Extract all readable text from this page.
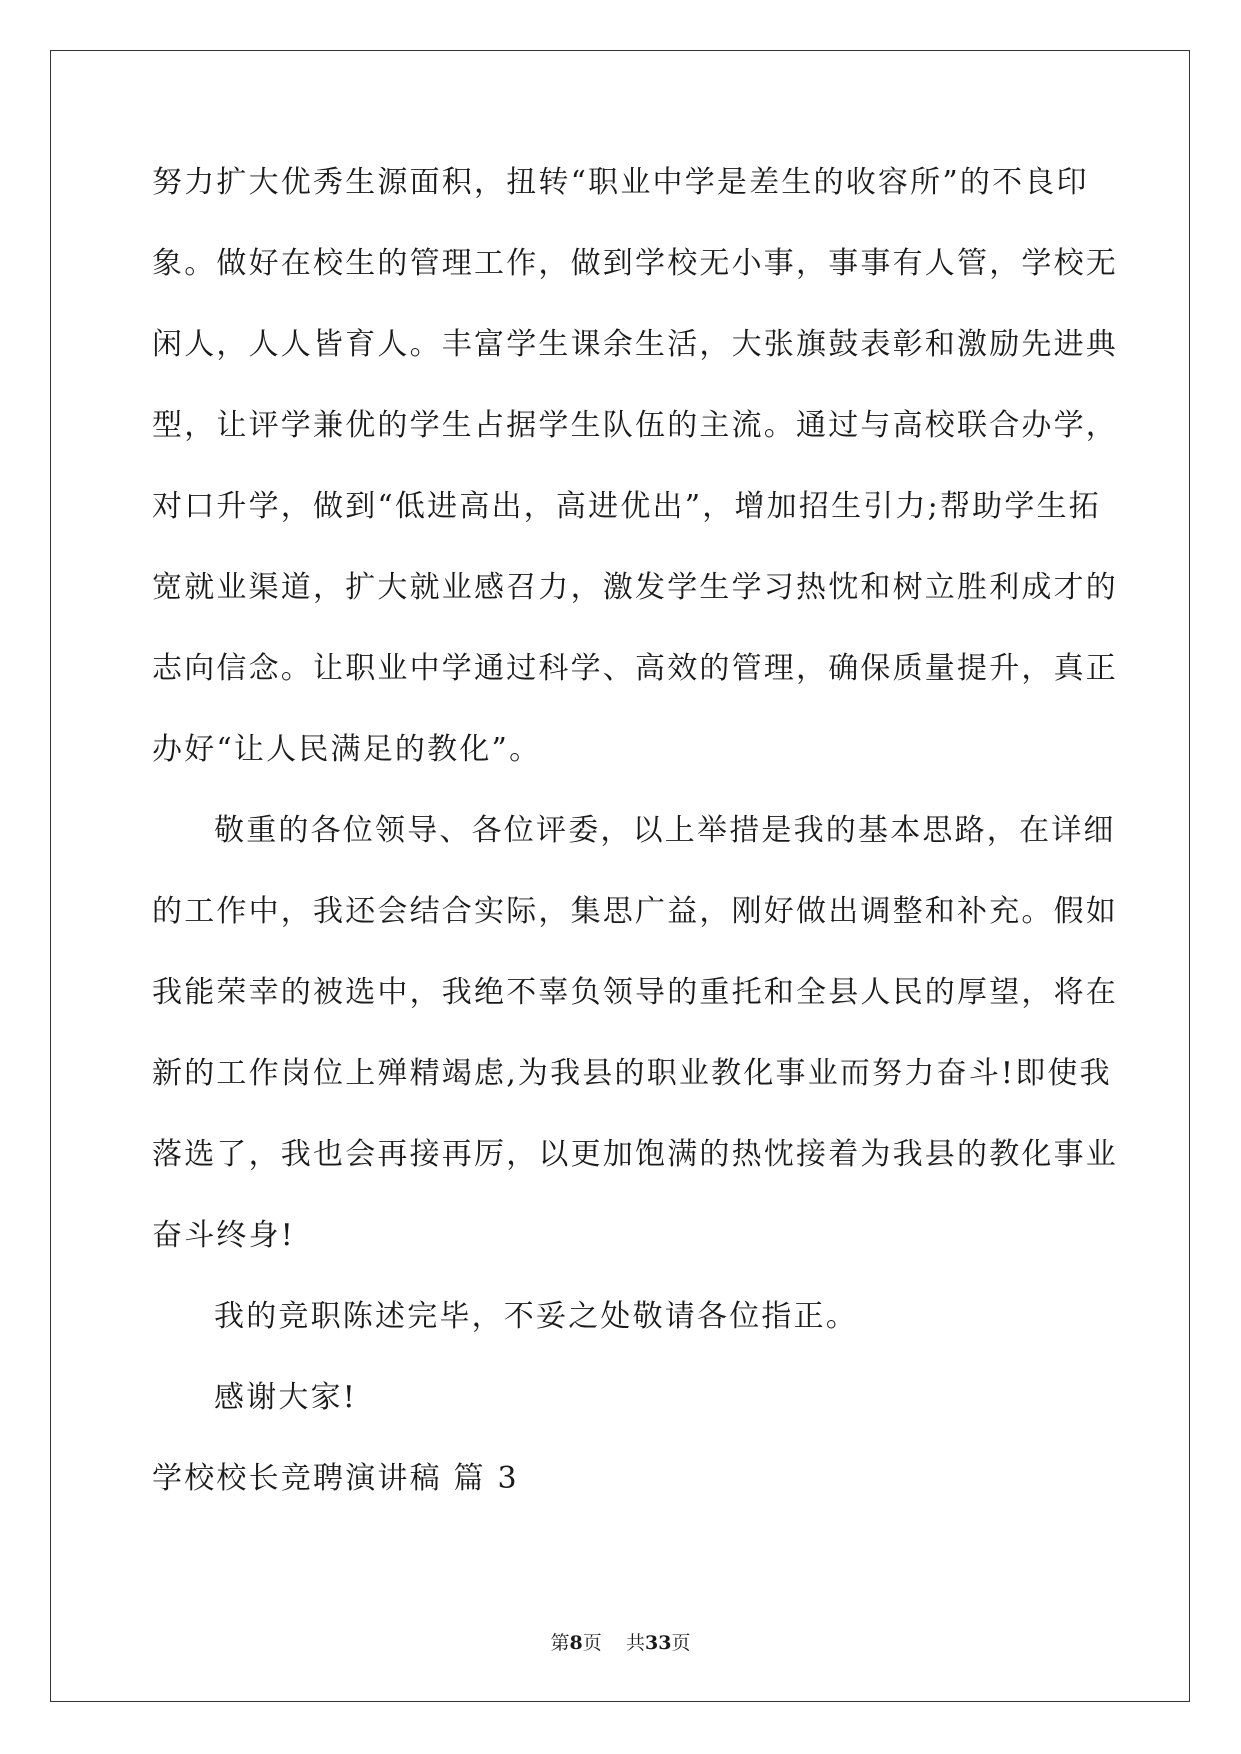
努力扩大优秀生源面积，扭转“职业中学是差生的收容所”的不良印
象。做好在校生的管理工作，做到学校无小事，事事有人管，学校无
闲人，人人皆育人。丰富学生课余生活，大张旗鼓表彰和激励先进典
型，让评学兼优的学生占据学生队伍的主流。通过与高校联合办学，
对口升学，做到“低进高出，高进优出”，增加招生引力;帮助学生拓
宽就业渠道，扩大就业感召力，激发学生学习热忱和树立胜利成才的
志向信念。让职业中学通过科学、高效的管理，确保质量提升，真正
办好“让人民满足的教化”。
敬重的各位领导、各位评委，以上举措是我的基本思路，在详细
的工作中，我还会结合实际，集思广益，刚好做出调整和补充。假如
我能荣幸的被选中，我绝不辜负领导的重托和全县人民的厚望，将在
新的工作岗位上殚精竭虑,为我县的职业教化事业而努力奋斗!即使我
落选了，我也会再接再厉，以更加饱满的热忱接着为我县的教化事业
奋斗终身!
我的竞职陈述完毕，不妥之处敬请各位指正。
感谢大家!
学校校长竞聘演讲稿 篇 3
第8页 共33页
